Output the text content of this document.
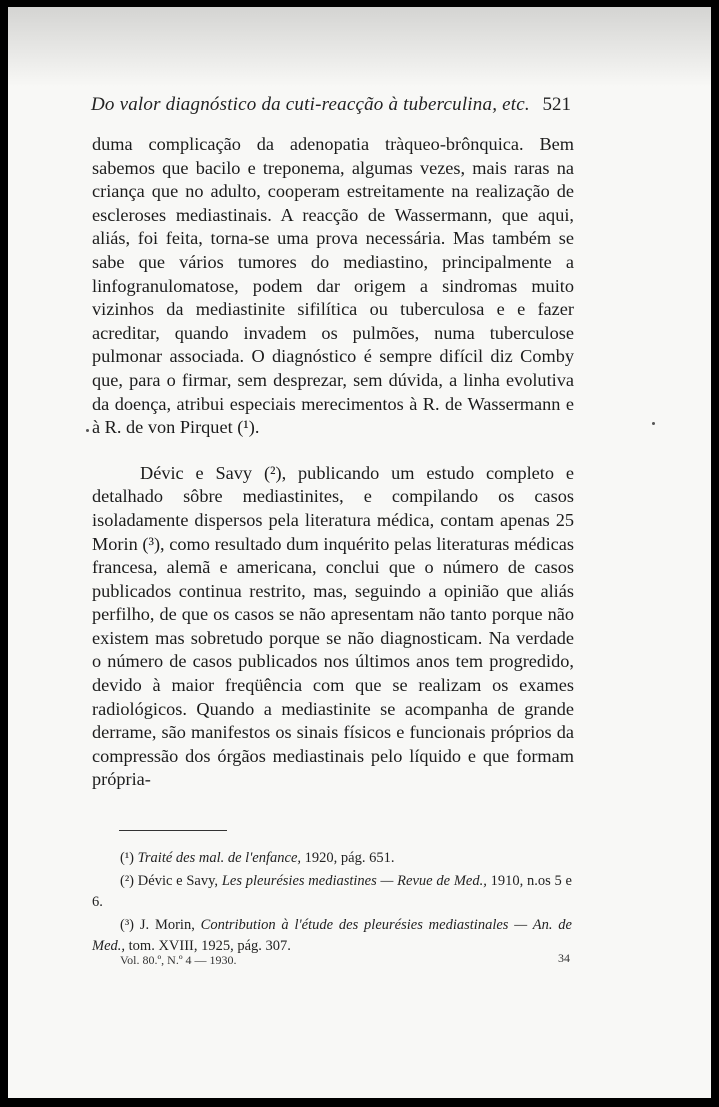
Do valor diagnóstico da cuti-reacção à tuberculina, etc. 521

duma complicação da adenopatia tràqueo-brônquica. Bem sabemos que bacilo e treponema, algumas vezes, mais raras na criança que no adulto, cooperam estreitamente na realização de escleroses mediastinais. A reacção de Wassermann, que aqui, aliás, foi feita, torna-se uma prova necessária. Mas também se sabe que vários tumores do mediastino, principalmente a linfogranulomatose, podem dar origem a sindromas muito vizinhos da mediastinite sifilítica ou tuberculosa e e fazer acreditar, quando invadem os pulmões, numa tuberculose pulmonar associada. O diagnóstico é sempre difícil diz Comby que, para o firmar, sem desprezar, sem dúvida, a linha evolutiva da doença, atribui especiais merecimentos à R. de Wassermann e à R. de von Pirquet (¹).

Dévic e Savy (²), publicando um estudo completo e detalhado sôbre mediastinites, e compilando os casos isoladamente dispersos pela literatura médica, contam apenas 25 Morin (³), como resultado dum inquérito pelas literaturas médicas francesa, alemã e americana, conclui que o número de casos publicados continua restrito, mas, seguindo a opinião que aliás perfilho, de que os casos se não apresentam não tanto porque não existem mas sobretudo porque se não diagnosticam. Na verdade o número de casos publicados nos últimos anos tem progredido, devido à maior freqüência com que se realizam os exames radiológicos. Quando a mediastinite se acompanha de grande derrame, são manifestos os sinais físicos e funcionais próprios da compressão dos órgãos mediastinais pelo líquido e que formam própria-

(¹) Traité des mal. de l'enfance, 1920, pág. 651.

(²) Dévic e Savy, Les pleurésies mediastines — Revue de Med., 1910, n.os 5 e 6.

(³) J. Morin, Contribution à l'étude des pleurésies mediastinales — An. de Med., tom. XVIII, 1925, pág. 307.

Vol. 80.º, N.º 4 — 1930.	34
